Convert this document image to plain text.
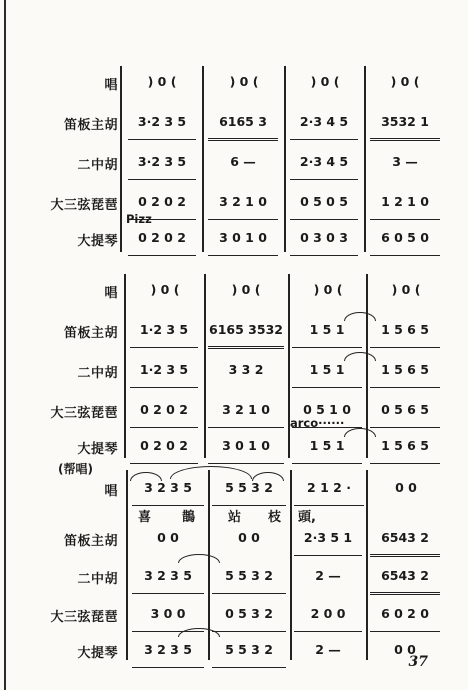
唱	) 0 (	) 0 (	) 0 (	) 0 (
笛板主胡	3·2 3 5	6165 3	2·3 4 5	3532 1
二中胡	3·2 3 5	6 —	2·3 4 5	3 —
大三弦琵琶	0 2 0 2	3 2 1 0	0 5 0 5	1 2 1 0
Pizz
大提琴	0 2 0 2	3 0 1 0	0 3 0 3	6 0 5 0
唱	) 0 (	) 0 (	) 0 (	) 0 (
笛板主胡	1·2 3 5	6165 3532	1 5 1	1 5 6 5
二中胡	1·2 3 5	3 3 2	1 5 1	1 5 6 5
大三弦琵琶	0 2 0 2	3 2 1 0	0 5 1 0	0 5 6 5
arco······
大提琴	0 2 0 2	3 0 1 0	1 5 1	1 5 6 5
(帮唱)
唱	3 2 3 5	5 5 3 2	2 1 2 ·	0 0
喜 鵲	站 枝 頭,
笛板主胡	0 0	0 0	2·3 5 1	6543 2
二中胡	3 2 3 5	5 5 3 2	2 —	6543 2
大三弦琵琶	3 0 0	0 5 3 2	2 0 0	6 0 2 0
大提琴	3 2 3 5	5 5 3 2	2 —	0 0
37
